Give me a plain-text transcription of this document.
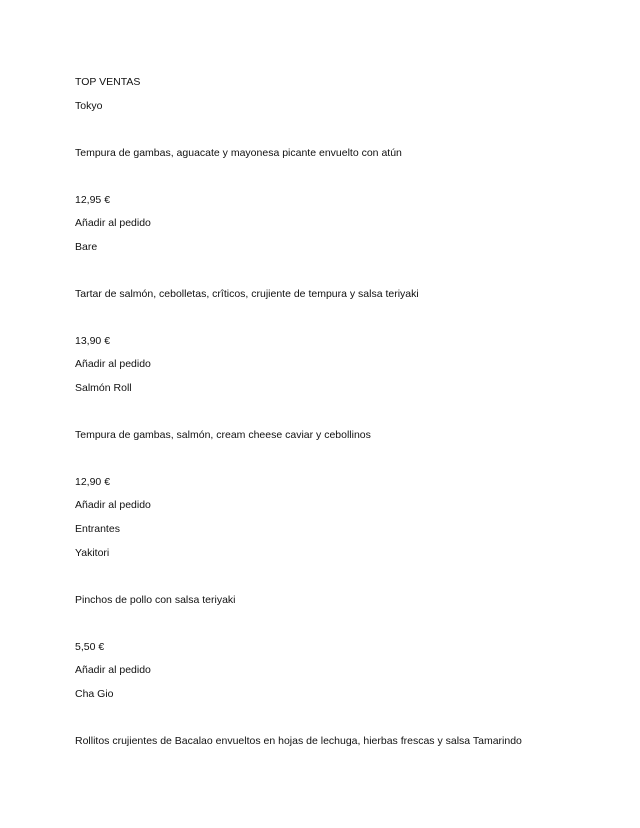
TOP VENTAS
Tokyo
Tempura de gambas, aguacate y mayonesa picante envuelto con atún
12,95 €
Añadir al pedido
Bare
Tartar de salmón, cebolletas, crîticos, crujiente de tempura y salsa teriyaki
13,90 €
Añadir al pedido
Salmón Roll
Tempura de gambas, salmón, cream cheese caviar y cebollinos
12,90 €
Añadir al pedido
Entrantes
Yakitori
Pinchos de pollo con salsa teriyaki
5,50 €
Añadir al pedido
Cha Gio
Rollitos crujientes de Bacalao envueltos en hojas de lechuga, hierbas frescas y salsa Tamarindo
